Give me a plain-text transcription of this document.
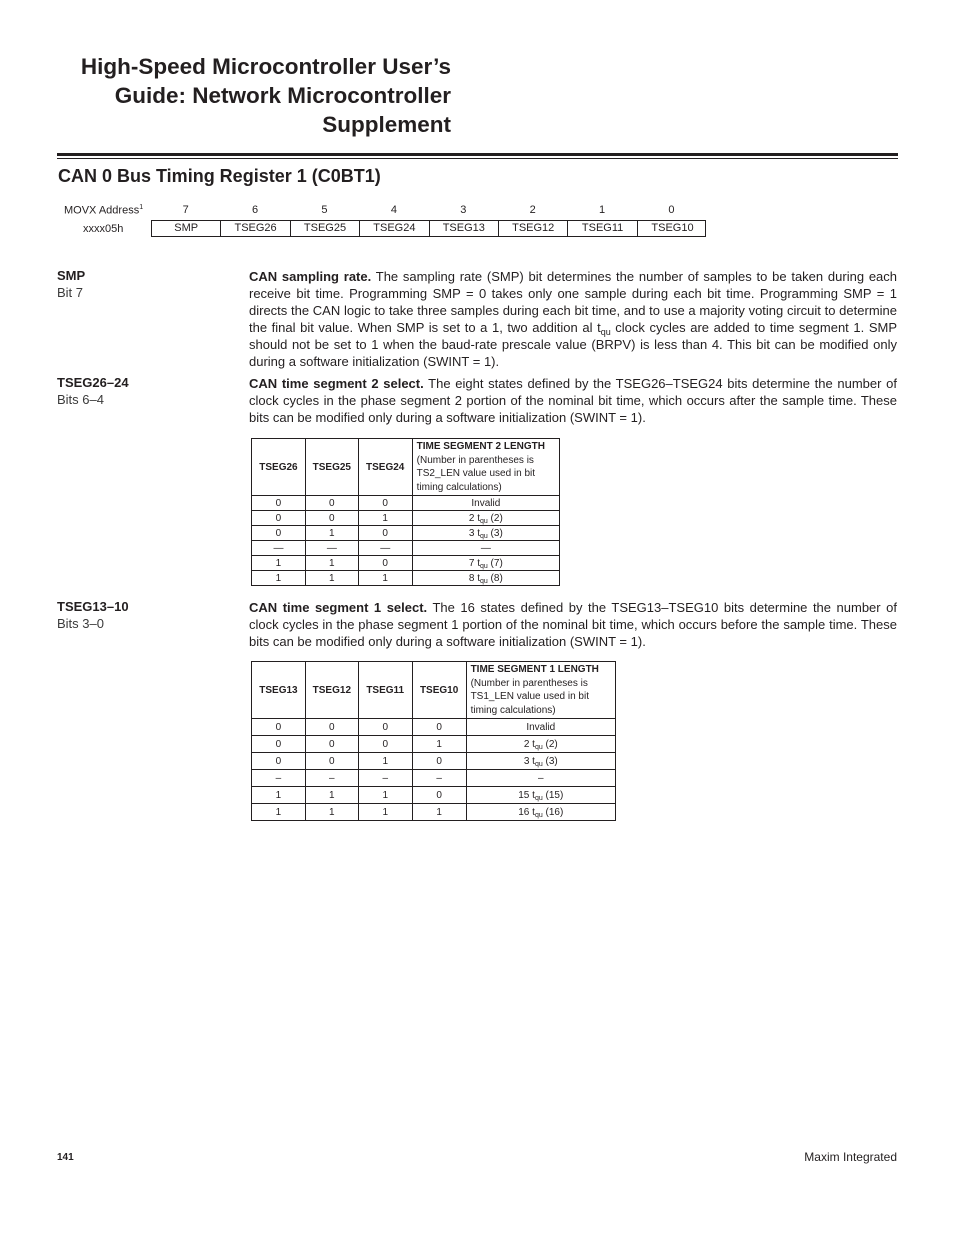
High-Speed Microcontroller User’s
Guide: Network Microcontroller
Supplement
CAN 0 Bus Timing Register 1 (C0BT1)
MOVX Address$^1$
xxxx05h
7	6	5	4	3	2	1	0
SMP	TSEG26	TSEG25	TSEG24	TSEG13	TSEG12	TSEG11	TSEG10
SMP
Bit 7
CAN sampling rate. The sampling rate (SMP) bit determines the number of samples to be taken during each receive bit time. Programming SMP = 0 takes only one sample during each bit time. Programming SMP = 1 directs the CAN logic to take three samples during each bit time, and to use a majority voting circuit to determine the final bit value. When SMP is set to a 1, two addition al $t_{qu}$ clock cycles are added to time segment 1. SMP should not be set to 1 when the baud-rate prescale value (BRPV) is less than 4. This bit can be modified only during a software initialization (SWINT = 1).
TSEG26–24
Bits 6–4
CAN time segment 2 select. The eight states defined by the TSEG26–TSEG24 bits determine the number of clock cycles in the phase segment 2 portion of the nominal bit time, which occurs after the sample time. These bits can be modified only during a software initialization (SWINT = 1).
TSEG26	TSEG25	TSEG24	TIME SEGMENT 2 LENGTH
(Number in parentheses is TS2_LEN value used in bit timing calculations)
0	0	0	Invalid
0	0	1	2 $t_{qu}$ (2)
0	1	0	3 $t_{qu}$ (3)
—	—	—	—
1	1	0	7 $t_{qu}$ (7)
1	1	1	8 $t_{qu}$ (8)
TSEG13–10
Bits 3–0
CAN time segment 1 select. The 16 states defined by the TSEG13–TSEG10 bits determine the number of clock cycles in the phase segment 1 portion of the nominal bit time, which occurs before the sample time. These bits can be modified only during a software initialization (SWINT = 1).
TSEG13	TSEG12	TSEG11	TSEG10	TIME SEGMENT 1 LENGTH
(Number in parentheses is TS1_LEN value used in bit timing calculations)
0	0	0	0	Invalid
0	0	0	1	2 $t_{qu}$ (2)
0	0	1	0	3 $t_{qu}$ (3)
–	–	–	–	–
1	1	1	0	15 $t_{qu}$ (15)
1	1	1	1	16 $t_{qu}$ (16)
141	Maxim Integrated
